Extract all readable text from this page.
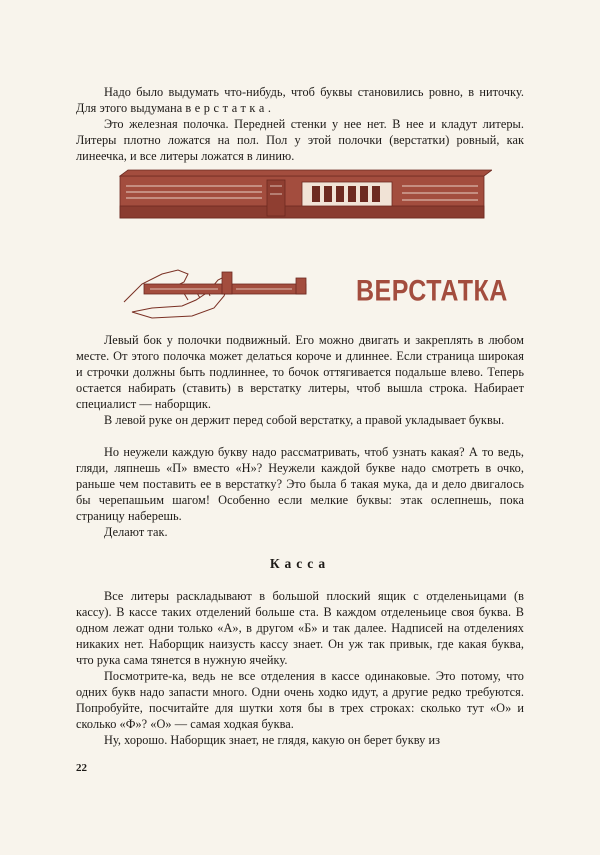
Надо было выдумать что-нибудь, чтоб буквы становились ровно, в ниточку. Для этого выдумана верстатка.

Это железная полочка. Передней стенки у нее нет. В нее и кладут литеры. Литеры плотно ложатся на пол. Пол у этой полочки (верстатки) ровный, как линеечка, и все литеры ложатся в линию.

ВЕРСТАТКА

Левый бок у полочки подвижный. Его можно двигать и закреплять в любом месте. От этого полочка может делаться короче и длиннее. Если страница широкая и строчки должны быть подлиннее, то бочок оттягивается подальше влево. Теперь остается набирать (ставить) в верстатку литеры, чтоб вышла строка. Набирает специалист — наборщик.

В левой руке он держит перед собой верстатку, а правой укладывает буквы.

Но неужели каждую букву надо рассматривать, чтоб узнать какая? А то ведь, гляди, ляпнешь «П» вместо «Н»? Неужели каждой букве надо смотреть в очко, раньше чем поставить ее в верстатку? Это была б такая мука, да и дело двигалось бы черепашьим шагом! Особенно если мелкие буквы: этак ослепнешь, пока страницу наберешь.

Делают так.

Касса

Все литеры раскладывают в большой плоский ящик с отделеньицами (в кассу). В кассе таких отделений больше ста. В каждом отделеньице своя буква. В одном лежат одни только «А», в другом «Б» и так далее. Надписей на отделениях никаких нет. Наборщик наизусть кассу знает. Он уж так привык, где какая буква, что рука сама тянется в нужную ячейку.

Посмотрите-ка, ведь не все отделения в кассе одинаковые. Это потому, что одних букв надо запасти много. Одни очень ходко идут, а другие редко требуются. Попробуйте, посчитайте для шутки хотя бы в трех строках: сколько тут «О» и сколько «Ф»? «О» — самая ходкая буква.

Ну, хорошо. Наборщик знает, не глядя, какую он берет букву из

22
